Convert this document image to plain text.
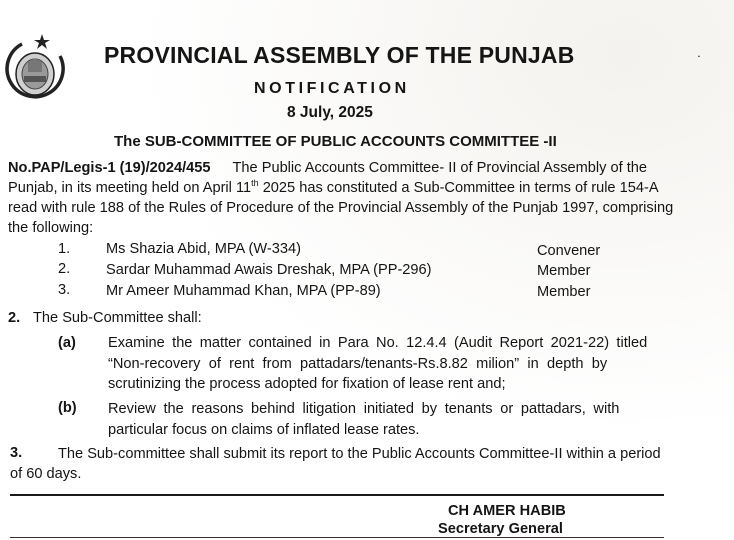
PROVINCIAL ASSEMBLY OF THE PUNJAB
NOTIFICATION
8 July, 2025
The SUB-COMMITTEE OF PUBLIC ACCOUNTS COMMITTEE -II
˙
No.PAP/Legis-1 (19)/2024/455 The Public Accounts Committee- II of Provincial Assembly of the
Punjab, in its meeting held on April 11th 2025 has constituted a Sub-Committee in terms of rule 154-A
read with rule 188 of the Rules of Procedure of the Provincial Assembly of the Punjab 1997, comprising
the following:
1. Ms Shazia Abid, MPA (W-334)	Convener
2. Sardar Muhammad Awais Dreshak, MPA (PP-296)	Member
3. Mr Ameer Muhammad Khan, MPA (PP-89)	Member
2. The Sub-Committee shall:
(a) Examine the matter contained in Para No. 12.4.4 (Audit Report 2021-22) titled
“Non-recovery of rent from pattadars/tenants-Rs.8.82 milion” in depth by
scrutinizing the process adopted for fixation of lease rent and;
(b) Review the reasons behind litigation initiated by tenants or pattadars, with
particular focus on claims of inflated lease rates.
3. The Sub-committee shall submit its report to the Public Accounts Committee-II within a period
of 60 days.
CH AMER HABIB
Secretary General
